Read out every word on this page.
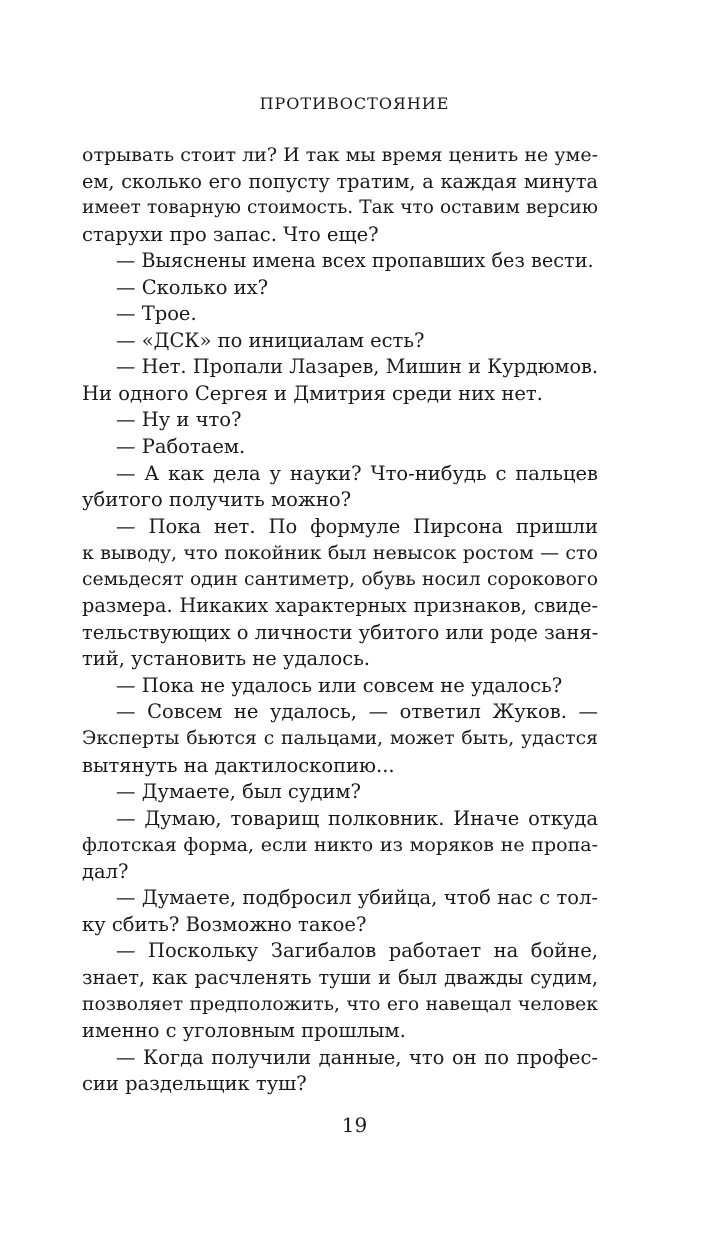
ПРОТИВОСТОЯНИЕ
отрывать стоит ли? И так мы время ценить не уме-
ем, сколько его попусту тратим, а каждая минута
имеет товарную стоимость. Так что оставим версию
старухи про запас. Что еще?
— Выяснены имена всех пропавших без вести.
— Сколько их?
— Трое.
— «ДСК» по инициалам есть?
— Нет. Пропали Лазарев, Мишин и Курдюмов.
Ни одного Сергея и Дмитрия среди них нет.
— Ну и что?
— Работаем.
— А как дела у науки? Что-нибудь с пальцев
убитого получить можно?
— Пока нет. По формуле Пирсона пришли
к выводу, что покойник был невысок ростом — сто
семьдесят один сантиметр, обувь носил сорокового
размера. Никаких характерных признаков, свиде-
тельствующих о личности убитого или роде заня-
тий, установить не удалось.
— Пока не удалось или совсем не удалось?
— Совсем не удалось, — ответил Жуков. —
Эксперты бьются с пальцами, может быть, удастся
вытянуть на дактилоскопию...
— Думаете, был судим?
— Думаю, товарищ полковник. Иначе откуда
флотская форма, если никто из моряков не пропа-
дал?
— Думаете, подбросил убийца, чтоб нас с тол-
ку сбить? Возможно такое?
— Поскольку Загибалов работает на бойне,
знает, как расчленять туши и был дважды судим,
позволяет предположить, что его навещал человек
именно с уголовным прошлым.
— Когда получили данные, что он по профес-
сии раздельщик туш?
19
